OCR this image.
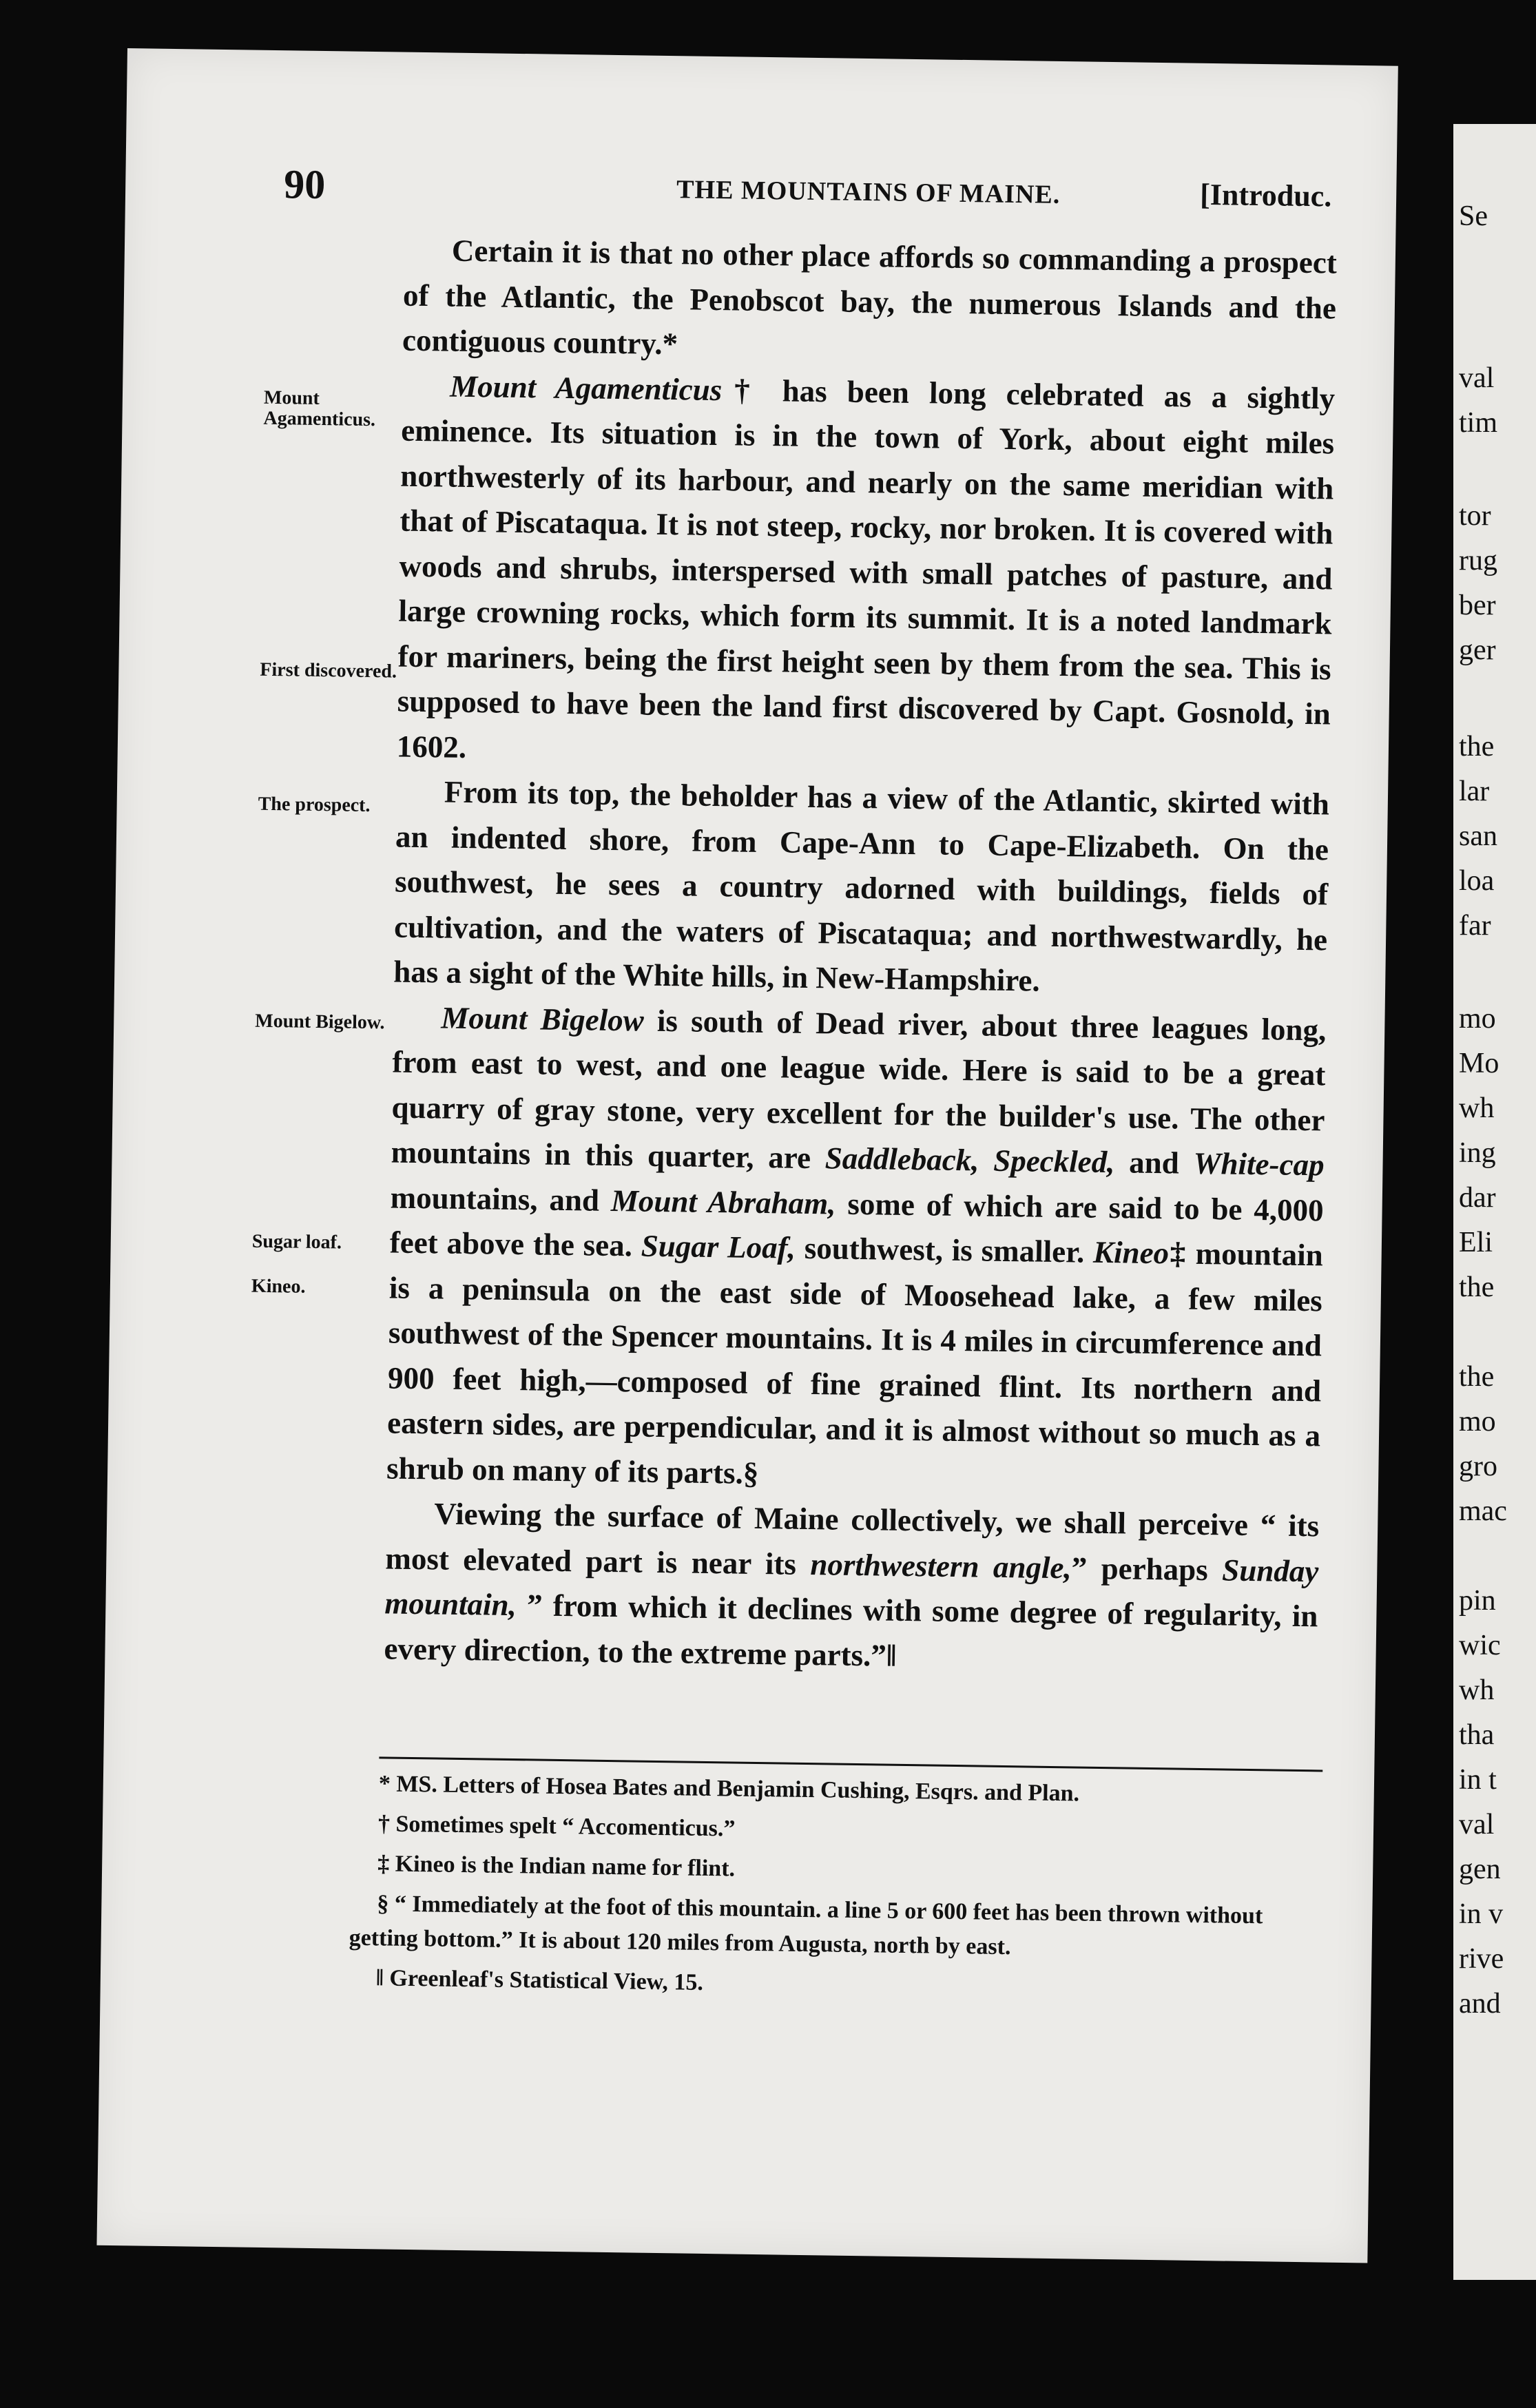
90	THE MOUNTAINS OF MAINE.	[Introduc.
Mount Agamenticus.
First discovered.
The prospect.
Mount Bigelow.
Sugar loaf.
Kineo.

Certain it is that no other place affords so commanding a prospect of the Atlantic, the Penobscot bay, the numerous Islands and the contiguous country.*

Mount Agamenticus† has been long celebrated as a sightly eminence. Its situation is in the town of York, about eight miles northwesterly of its harbour, and nearly on the same meridian with that of Piscataqua. It is not steep, rocky, nor broken. It is covered with woods and shrubs, interspersed with small patches of pasture, and large crowning rocks, which form its summit. It is a noted landmark for mariners, being the first height seen by them from the sea. This is supposed to have been the land first discovered by Capt. Gosnold, in 1602.

From its top, the beholder has a view of the Atlantic, skirted with an indented shore, from Cape-Ann to Cape-Elizabeth. On the southwest, he sees a country adorned with buildings, fields of cultivation, and the waters of Piscataqua; and northwestwardly, he has a sight of the White hills, in New-Hampshire.

Mount Bigelow is south of Dead river, about three leagues long, from east to west, and one league wide. Here is said to be a great quarry of gray stone, very excellent for the builder's use. The other mountains in this quarter, are Saddleback, Speckled, and White-cap mountains, and Mount Abraham, some of which are said to be 4,000 feet above the sea. Sugar Loaf, southwest, is smaller. Kineo‡ mountain is a peninsula on the east side of Moosehead lake, a few miles southwest of the Spencer mountains. It is 4 miles in circumference and 900 feet high,—composed of fine grained flint. Its northern and eastern sides, are perpendicular, and it is almost without so much as a shrub on many of its parts.§

Viewing the surface of Maine collectively, we shall perceive “ its most elevated part is near its northwestern angle,” perhaps Sunday mountain, ” from which it declines with some degree of regularity, in every direction, to the extreme parts.”‖

* MS. Letters of Hosea Bates and Benjamin Cushing, Esqrs. and Plan.

† Sometimes spelt “ Accomenticus.”

‡ Kineo is the Indian name for flint.

§ “ Immediately at the foot of this mountain. a line 5 or 600 feet has been thrown without getting bottom.” It is about 120 miles from Augusta, north by east.

‖ Greenleaf's Statistical View, 15.

Se
val
tim
tor
rug
ber
ger
the
lar
san
loa
far
mo
Mo
wh
ing
dar
Eli
the
the
mo
gro
mac
pin
wic
wh
tha
in t
val
gen
in v
rive
and
